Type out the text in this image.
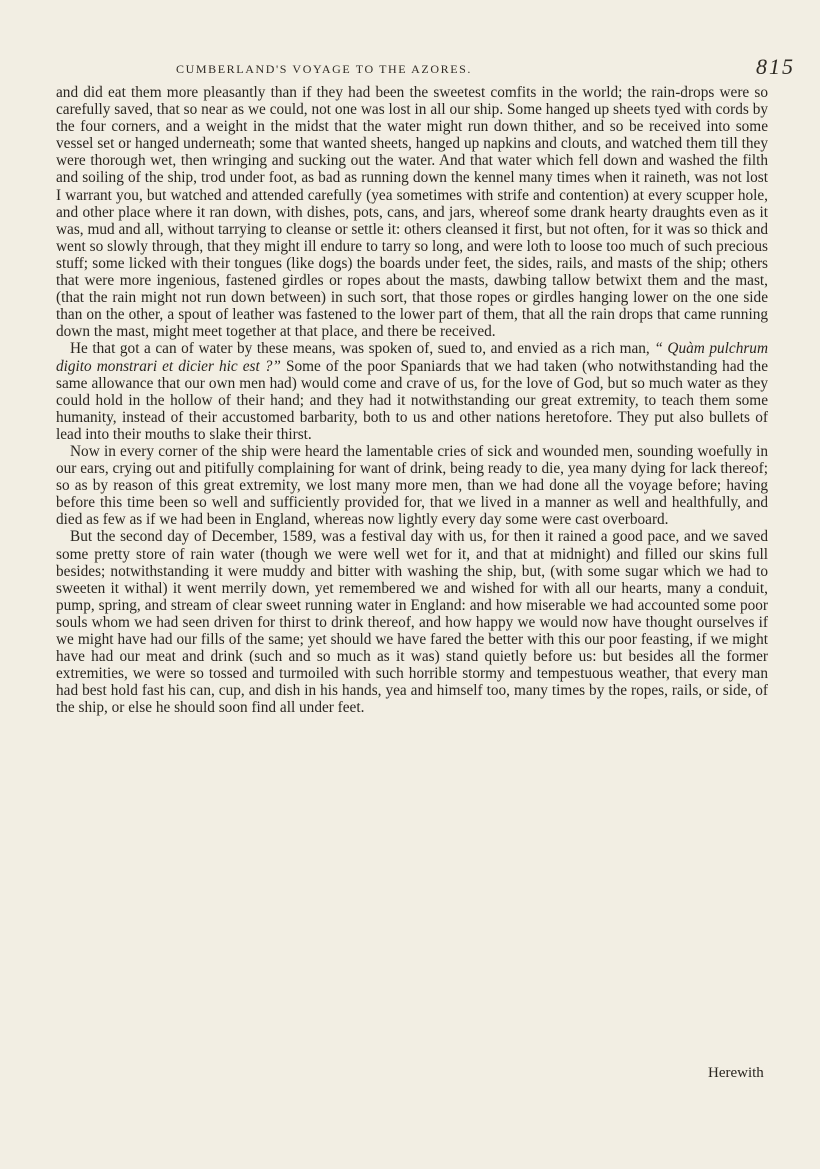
CUMBERLAND'S VOYAGE TO THE AZORES.	815

and did eat them more pleasantly than if they had been the sweetest comfits in the world; the rain-drops were so carefully saved, that so near as we could, not one was lost in all our ship. Some hanged up sheets tyed with cords by the four corners, and a weight in the midst that the water might run down thither, and so be received into some vessel set or hanged underneath; some that wanted sheets, hanged up napkins and clouts, and watched them till they were thorough wet, then wringing and sucking out the water. And that water which fell down and washed the filth and soiling of the ship, trod under foot, as bad as running down the kennel many times when it raineth, was not lost I warrant you, but watched and attended carefully (yea sometimes with strife and contention) at every scupper hole, and other place where it ran down, with dishes, pots, cans, and jars, whereof some drank hearty draughts even as it was, mud and all, without tarrying to cleanse or settle it: others cleansed it first, but not often, for it was so thick and went so slowly through, that they might ill endure to tarry so long, and were loth to loose too much of such precious stuff; some licked with their tongues (like dogs) the boards under feet, the sides, rails, and masts of the ship; others that were more ingenious, fastened girdles or ropes about the masts, dawbing tallow betwixt them and the mast, (that the rain might not run down between) in such sort, that those ropes or girdles hanging lower on the one side than on the other, a spout of leather was fastened to the lower part of them, that all the rain drops that came running down the mast, might meet together at that place, and there be received.

He that got a can of water by these means, was spoken of, sued to, and envied as a rich man, “ Quàm pulchrum digito monstrari et dicier hic est ?” Some of the poor Spaniards that we had taken (who notwithstanding had the same allowance that our own men had) would come and crave of us, for the love of God, but so much water as they could hold in the hollow of their hand; and they had it notwithstanding our great extremity, to teach them some humanity, instead of their accustomed barbarity, both to us and other nations heretofore. They put also bullets of lead into their mouths to slake their thirst.

Now in every corner of the ship were heard the lamentable cries of sick and wounded men, sounding woefully in our ears, crying out and pitifully complaining for want of drink, being ready to die, yea many dying for lack thereof; so as by reason of this great extremity, we lost many more men, than we had done all the voyage before; having before this time been so well and sufficiently provided for, that we lived in a manner as well and healthfully, and died as few as if we had been in England, whereas now lightly every day some were cast overboard.

But the second day of December, 1589, was a festival day with us, for then it rained a good pace, and we saved some pretty store of rain water (though we were well wet for it, and that at midnight) and filled our skins full besides; notwithstanding it were muddy and bitter with washing the ship, but, (with some sugar which we had to sweeten it withal) it went merrily down, yet remembered we and wished for with all our hearts, many a conduit, pump, spring, and stream of clear sweet running water in England: and how miserable we had accounted some poor souls whom we had seen driven for thirst to drink thereof, and how happy we would now have thought ourselves if we might have had our fills of the same; yet should we have fared the better with this our poor feasting, if we might have had our meat and drink (such and so much as it was) stand quietly before us: but besides all the former extremities, we were so tossed and turmoiled with such horrible stormy and tempestuous weather, that every man had best hold fast his can, cup, and dish in his hands, yea and himself too, many times by the ropes, rails, or side, of the ship, or else he should soon find all under feet.

Herewith
